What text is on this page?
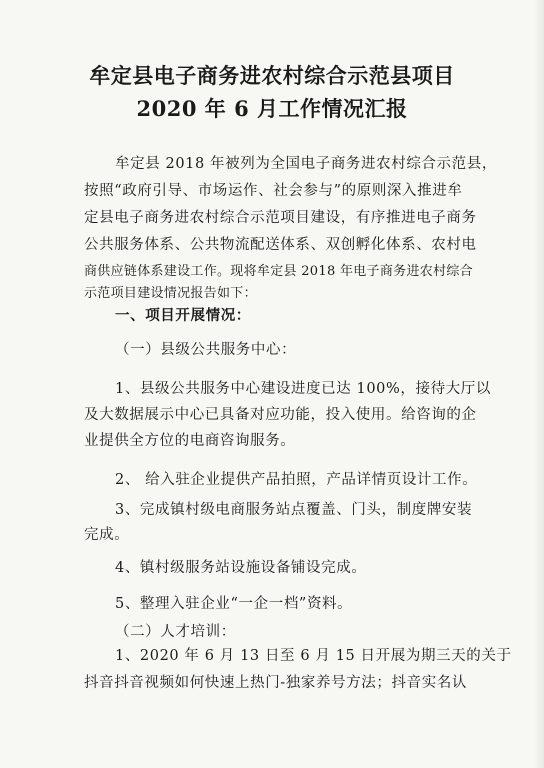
牟定县电子商务进农村综合示范县项目
2020 年 6 月工作情况汇报
牟定县 2018 年被列为全国电子商务进农村综合示范县，
按照“政府引导、市场运作、社会参与”的原则深入推进牟
定县电子商务进农村综合示范项目建设，有序推进电子商务
公共服务体系、公共物流配送体系、双创孵化体系、农村电
商供应链体系建设工作。现将牟定县 2018 年电子商务进农村综合
示范项目建设情况报告如下：
一、项目开展情况：
（一）县级公共服务中心：
1、县级公共服务中心建设进度已达 100%，接待大厅以
及大数据展示中心已具备对应功能，投入使用。给咨询的企
业提供全方位的电商咨询服务。
2、 给入驻企业提供产品拍照，产品详情页设计工作。
3、完成镇村级电商服务站点覆盖、门头，制度牌安装
完成。
4、镇村级服务站设施设备铺设完成。
5、整理入驻企业“一企一档”资料。
（二）人才培训：
1、2020 年 6 月 13 日至 6 月 15 日开展为期三天的关于
抖音抖音视频如何快速上热门-独家养号方法；抖音实名认
